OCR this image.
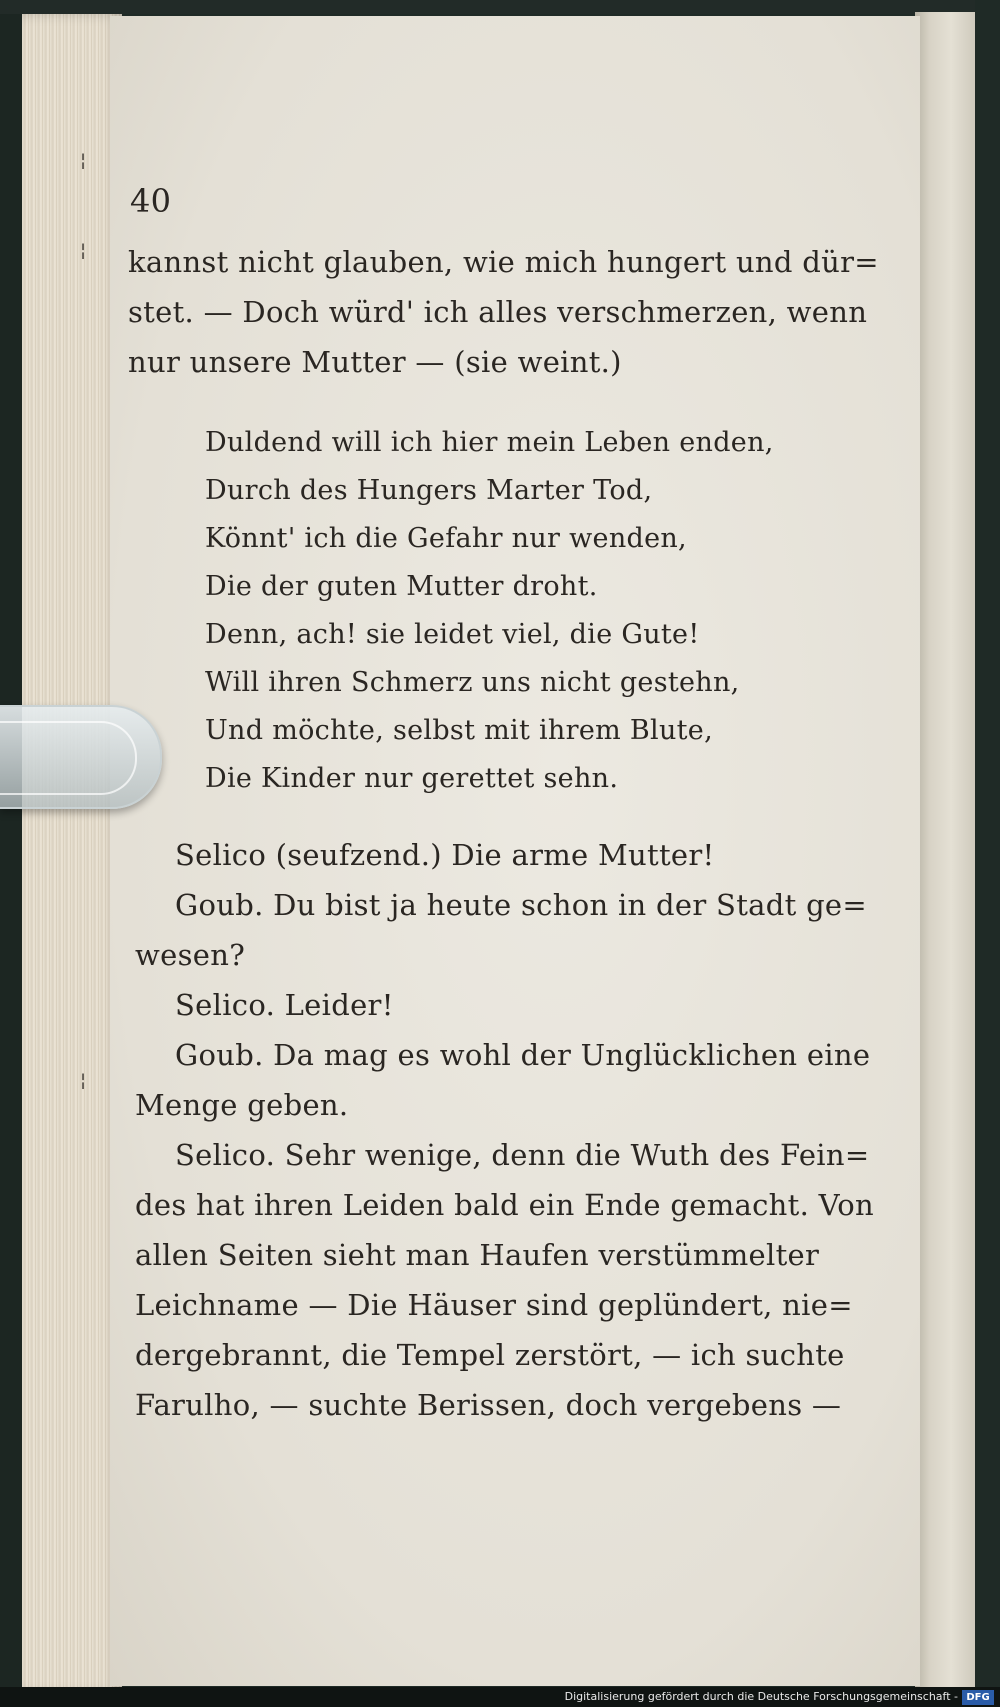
¦
¦
¦
40
kannst nicht glauben, wie mich hungert und dür=
stet. — Doch würd' ich alles verschmerzen, wenn
nur unsere Mutter — (sie weint.)
Duldend will ich hier mein Leben enden,
Durch des Hungers Marter Tod,
Könnt' ich die Gefahr nur wenden,
Die der guten Mutter droht.
Denn, ach! sie leidet viel, die Gute!
Will ihren Schmerz uns nicht gestehn,
Und möchte, selbst mit ihrem Blute,
Die Kinder nur gerettet sehn.
Selico (seufzend.) Die arme Mutter!
Goub. Du bist ja heute schon in der Stadt ge=
wesen?
Selico. Leider!
Goub. Da mag es wohl der Unglücklichen eine
Menge geben.
Selico. Sehr wenige, denn die Wuth des Fein=
des hat ihren Leiden bald ein Ende gemacht. Von
allen Seiten sieht man Haufen verstümmelter
Leichname — Die Häuser sind geplündert, nie=
dergebrannt, die Tempel zerstört, — ich suchte
Farulho, — suchte Berissen, doch vergebens —
Digitalisierung gefördert durch die Deutsche Forschungsgemeinschaft - DFG
